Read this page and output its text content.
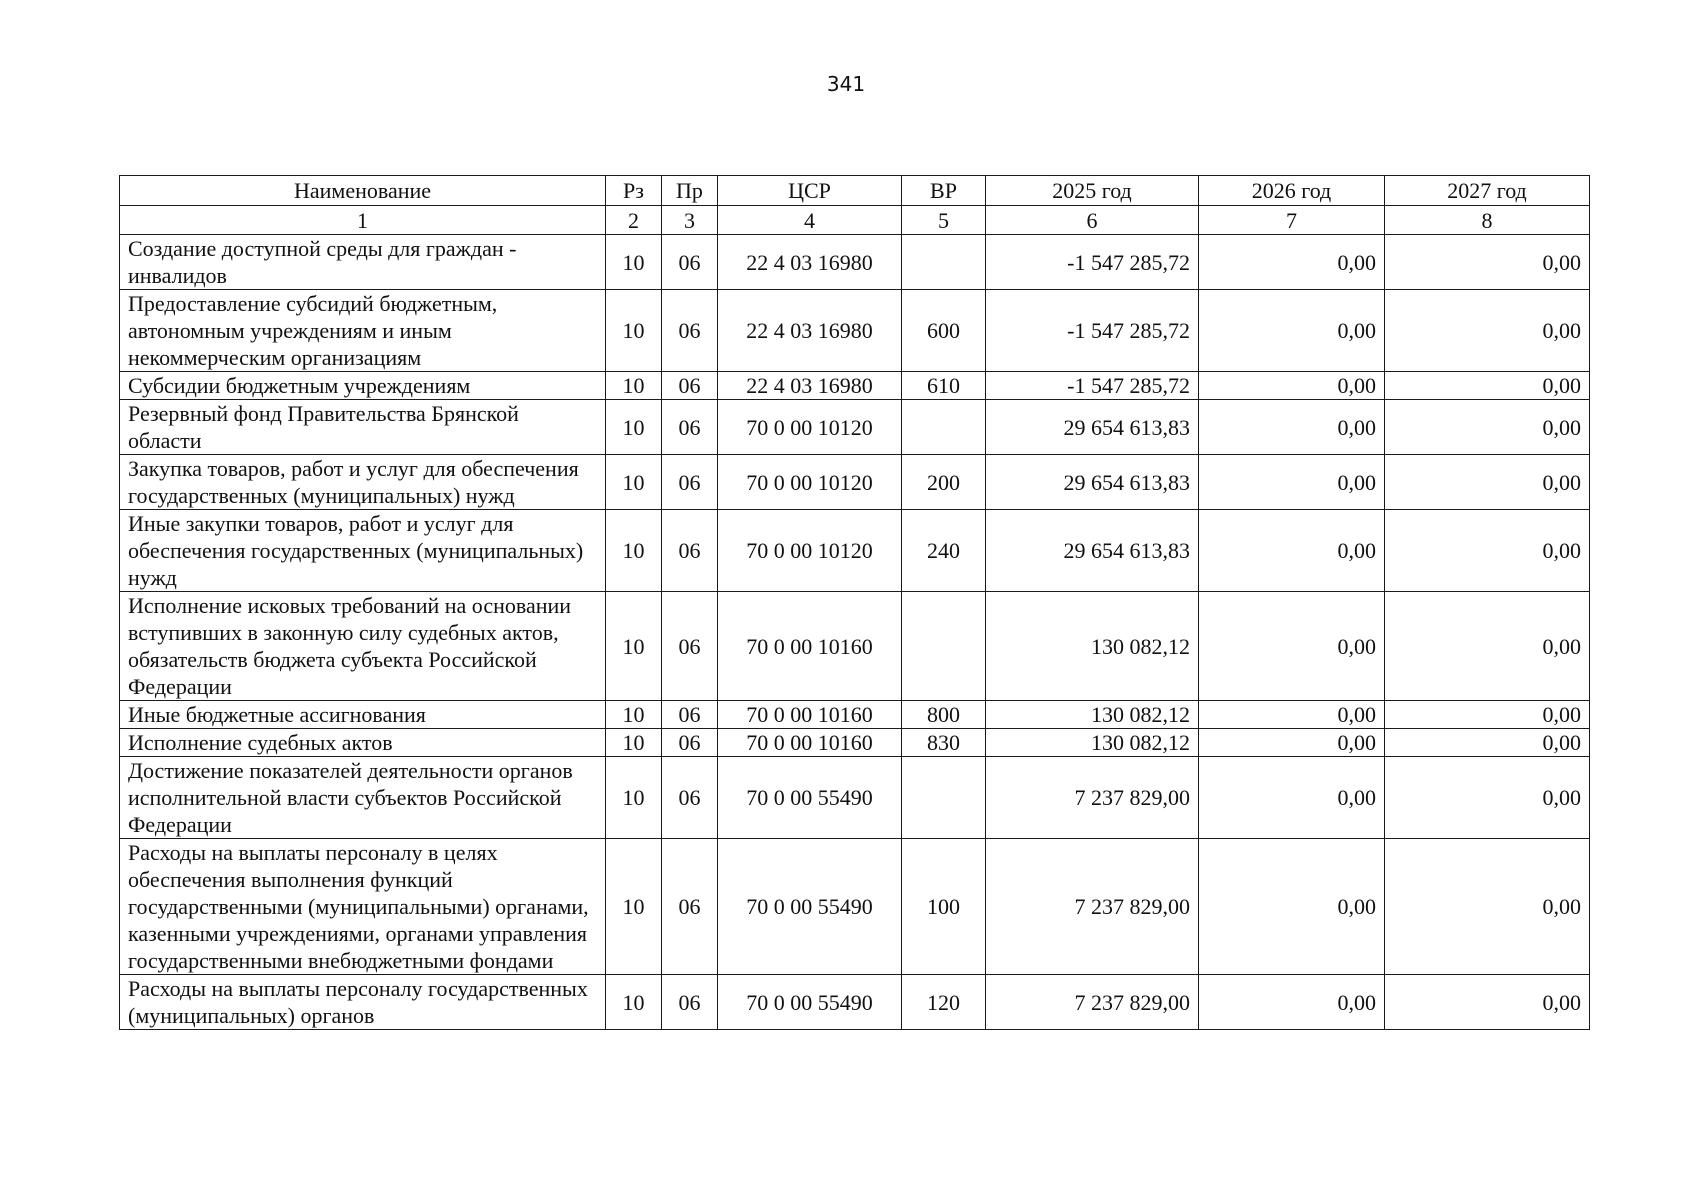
341
Наименование	Рз	Пр	ЦСР	ВР	2025 год	2026 год	2027 год
1	2	3	4	5	6	7	8
Создание доступной среды для граждан - инвалидов	10	06	22 4 03 16980		-1 547 285,72	0,00	0,00
Предоставление субсидий бюджетным, автономным учреждениям и иным некоммерческим организациям	10	06	22 4 03 16980	600	-1 547 285,72	0,00	0,00
Субсидии бюджетным учреждениям	10	06	22 4 03 16980	610	-1 547 285,72	0,00	0,00
Резервный фонд Правительства Брянской области	10	06	70 0 00 10120		29 654 613,83	0,00	0,00
Закупка товаров, работ и услуг для обеспечения государственных (муниципальных) нужд	10	06	70 0 00 10120	200	29 654 613,83	0,00	0,00
Иные закупки товаров, работ и услуг для обеспечения государственных (муниципальных) нужд	10	06	70 0 00 10120	240	29 654 613,83	0,00	0,00
Исполнение исковых требований на основании вступивших в законную силу судебных актов, обязательств бюджета субъекта Российской Федерации	10	06	70 0 00 10160		130 082,12	0,00	0,00
Иные бюджетные ассигнования	10	06	70 0 00 10160	800	130 082,12	0,00	0,00
Исполнение судебных актов	10	06	70 0 00 10160	830	130 082,12	0,00	0,00
Достижение показателей деятельности органов исполнительной власти субъектов Российской Федерации	10	06	70 0 00 55490		7 237 829,00	0,00	0,00
Расходы на выплаты персоналу в целях обеспечения выполнения функций государственными (муниципальными) органами, казенными учреждениями, органами управления государственными внебюджетными фондами	10	06	70 0 00 55490	100	7 237 829,00	0,00	0,00
Расходы на выплаты персоналу государственных (муниципальных) органов	10	06	70 0 00 55490	120	7 237 829,00	0,00	0,00
